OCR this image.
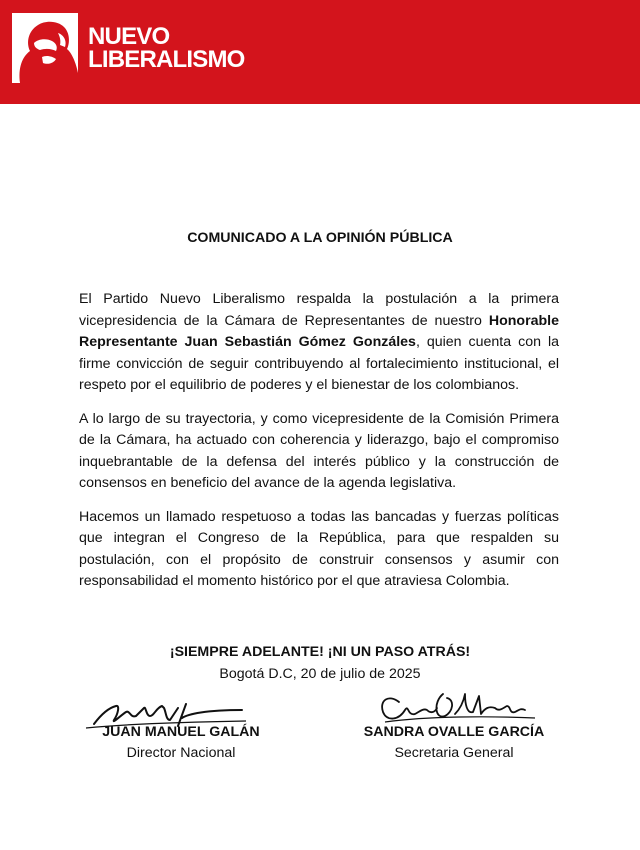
NUEVO
LIBERALISMO
COMUNICADO A LA OPINIÓN PÚBLICA

El Partido Nuevo Liberalismo respalda la postulación a la primera vicepresidencia de la Cámara de Representantes de nuestro Honorable Representante Juan Sebastián Gómez Gonzáles, quien cuenta con la firme convicción de seguir contribuyendo al fortalecimiento institucional, el respeto por el equilibrio de poderes y el bienestar de los colombianos.

A lo largo de su trayectoria, y como vicepresidente de la Comisión Primera de la Cámara, ha actuado con coherencia y liderazgo, bajo el compromiso inquebrantable de la defensa del interés público y la construcción de consensos en beneficio del avance de la agenda legislativa.

Hacemos un llamado respetuoso a todas las bancadas y fuerzas políticas que integran el Congreso de la República, para que respalden su postulación, con el propósito de construir consensos y asumir con responsabilidad el momento histórico por el que atraviesa Colombia.

¡SIEMPRE ADELANTE! ¡NI UN PASO ATRÁS!
Bogotá D.C, 20 de julio de 2025
JUAN MANUEL GALÁN
Director Nacional
SANDRA OVALLE GARCÍA
Secretaria General
